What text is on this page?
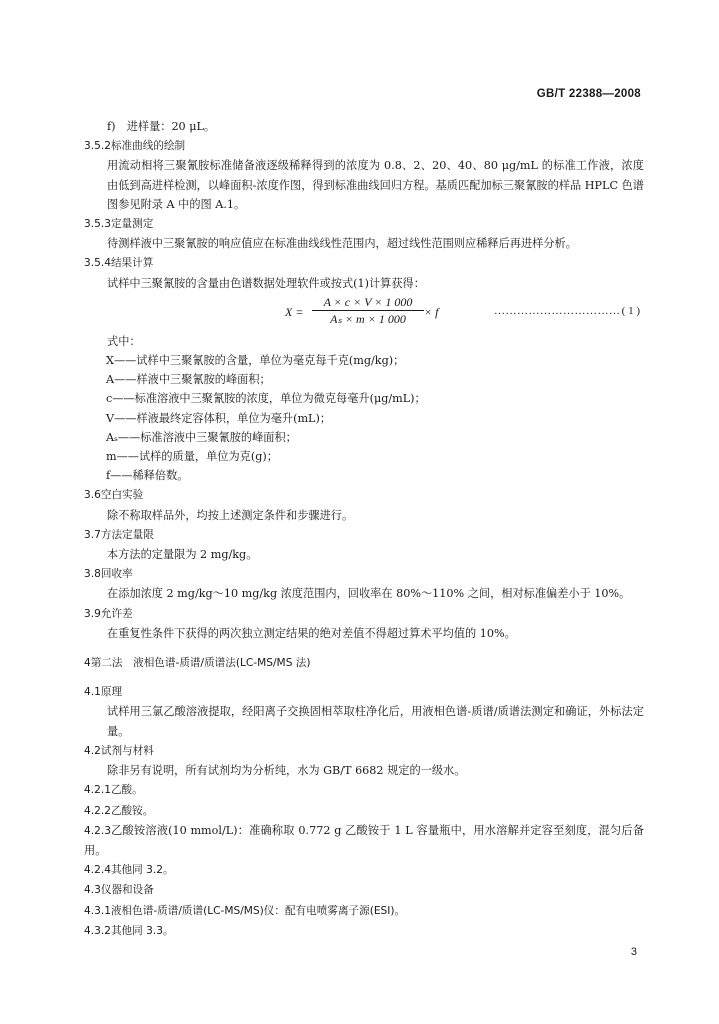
GB/T 22388—2008
f)　进样量：20 μL。
3.5.2标准曲线的绘制
用流动相将三聚氰胺标准储备液逐级稀释得到的浓度为 0.8、2、20、40、80 μg/mL 的标准工作液，浓度由低到高进样检测，以峰面积-浓度作图，得到标准曲线回归方程。基质匹配加标三聚氰胺的样品 HPLC 色谱图参见附录 A 中的图 A.1。
3.5.3定量测定
待测样液中三聚氰胺的响应值应在标准曲线线性范围内，超过线性范围则应稀释后再进样分析。
3.5.4结果计算
试样中三聚氰胺的含量由色谱数据处理软件或按式(1)计算获得：
$X = \frac{A \times c \times V \times 1 000}{\text{Aₛ × m × 1 000}} \times f$	…………………………… ( 1 )
式中：
X——试样中三聚氰胺的含量，单位为毫克每千克(mg/kg)；
A——样液中三聚氰胺的峰面积；
c——标准溶液中三聚氰胺的浓度，单位为微克每毫升(μg/mL)；
V——样液最终定容体积，单位为毫升(mL)；
Aₛ——标准溶液中三聚氰胺的峰面积；
m——试样的质量，单位为克(g)；
f——稀释倍数。
3.6空白实验
除不称取样品外，均按上述测定条件和步骤进行。
3.7方法定量限
本方法的定量限为 2 mg/kg。
3.8回收率
在添加浓度 2 mg/kg～10 mg/kg 浓度范围内，回收率在 80%～110% 之间，相对标准偏差小于 10%。
3.9允许差
在重复性条件下获得的两次独立测定结果的绝对差值不得超过算术平均值的 10%。
4第二法　液相色谱-质谱/质谱法(LC-MS/MS 法)
4.1原理
试样用三氯乙酸溶液提取，经阳离子交换固相萃取柱净化后，用液相色谱-质谱/质谱法测定和确证，外标法定量。
4.2试剂与材料
除非另有说明，所有试剂均为分析纯，水为 GB/T 6682 规定的一级水。
4.2.1乙酸。
4.2.2乙酸铵。
4.2.3乙酸铵溶液(10 mmol/L)：准确称取 0.772 g 乙酸铵于 1 L 容量瓶中，用水溶解并定容至刻度，混匀后备用。
4.2.4其他同 3.2。
4.3仪器和设备
4.3.1液相色谱-质谱/质谱(LC-MS/MS)仪：配有电喷雾离子源(ESI)。
4.3.2其他同 3.3。
3
